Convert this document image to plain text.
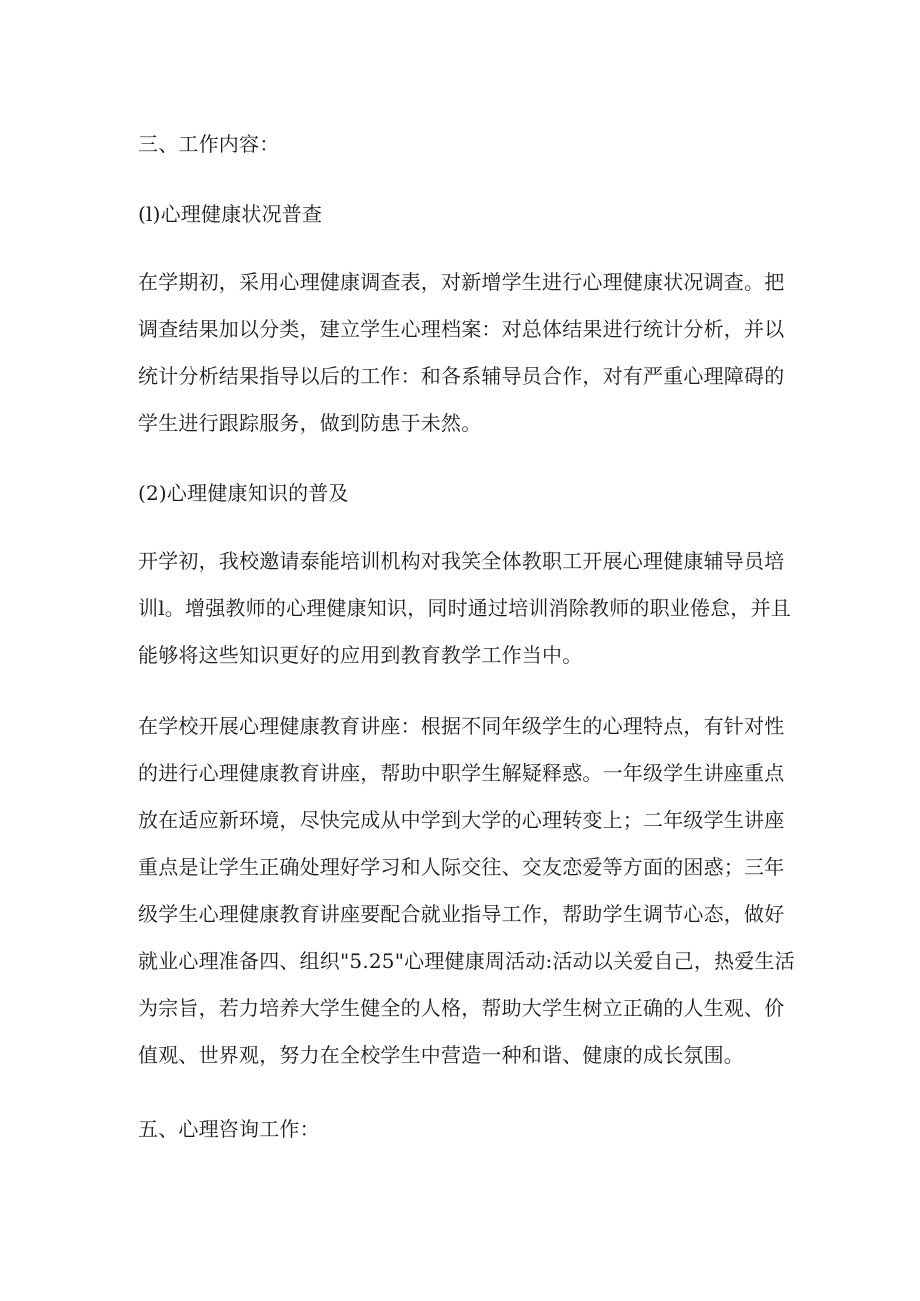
三、工作内容：
(l)心理健康状况普查
在学期初，采用心理健康调查表，对新增学生进行心理健康状况调查。把
调查结果加以分类，建立学生心理档案：对总体结果进行统计分析，并以
统计分析结果指导以后的工作：和各系辅导员合作，对有严重心理障碍的
学生进行跟踪服务，做到防患于未然。
(2)心理健康知识的普及
开学初，我校邀请泰能培训机构对我笑全体教职工开展心理健康辅导员培
训l。增强教师的心理健康知识，同时通过培训消除教师的职业倦怠，并且
能够将这些知识更好的应用到教育教学工作当中。
在学校开展心理健康教育讲座：根据不同年级学生的心理特点，有针对性
的进行心理健康教育讲座，帮助中职学生解疑释惑。一年级学生讲座重点
放在适应新环境，尽快完成从中学到大学的心理转变上；二年级学生讲座
重点是让学生正确处理好学习和人际交往、交友恋爱等方面的困惑；三年
级学生心理健康教育讲座要配合就业指导工作，帮助学生调节心态，做好
就业心理准备四、组织"5.25"心理健康周活动:活动以关爱自己，热爱生活
为宗旨，若力培养大学生健全的人格，帮助大学生树立正确的人生观、价
值观、世界观，努力在全校学生中营造一种和谐、健康的成长氛围。
五、心理咨询工作：
